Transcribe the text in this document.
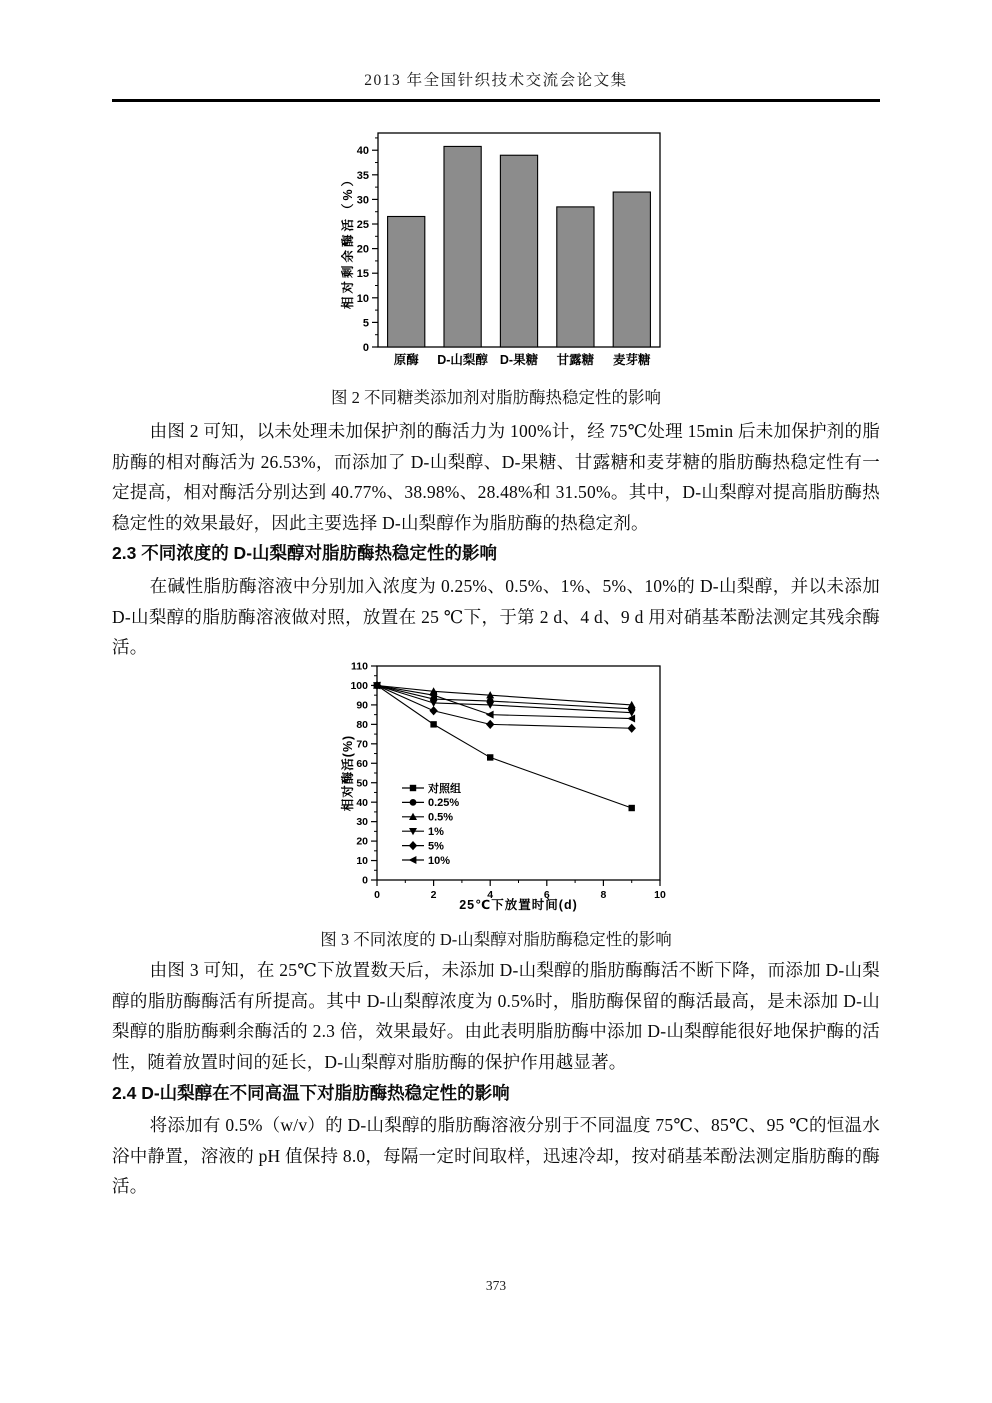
2013 年全国针织技术交流会论文集
0
5
10
15
20
25
30
35
40
原酶 D-山梨醇 D-果糖 甘露糖 麦芽糖
相对剩余酶活（%）
图 2 不同糖类添加剂对脂肪酶热稳定性的影响

由图 2 可知，以未处理未加保护剂的酶活力为 100%计，经 75℃处理 15min 后未加保护剂的脂肪酶的相对酶活为 26.53%，而添加了 D-山梨醇、D-果糖、甘露糖和麦芽糖的脂肪酶热稳定性有一定提高，相对酶活分别达到 40.77%、38.98%、28.48%和 31.50%。其中，D-山梨醇对提高脂肪酶热稳定性的效果最好，因此主要选择 D-山梨醇作为脂肪酶的热稳定剂。

2.3 不同浓度的 D-山梨醇对脂肪酶热稳定性的影响

在碱性脂肪酶溶液中分别加入浓度为 0.25%、0.5%、1%、5%、10%的 D-山梨醇，并以未添加 D-山梨醇的脂肪酶溶液做对照，放置在 25 ℃下，于第 2 d、4 d、9 d 用对硝基苯酚法测定其残余酶活。

0
10
20
30
40
50
60
70
80
90
100
110
0	2	4	6	8	10
对照组
0.25%
0.5%
1%
5%
10%
25℃下放置时间(d)
相对酶活(%)
图 3 不同浓度的 D-山梨醇对脂肪酶稳定性的影响

由图 3 可知，在 25℃下放置数天后，未添加 D-山梨醇的脂肪酶酶活不断下降，而添加 D-山梨醇的脂肪酶酶活有所提高。其中 D-山梨醇浓度为 0.5%时，脂肪酶保留的酶活最高，是未添加 D-山梨醇的脂肪酶剩余酶活的 2.3 倍，效果最好。由此表明脂肪酶中添加 D-山梨醇能很好地保护酶的活性，随着放置时间的延长，D-山梨醇对脂肪酶的保护作用越显著。

2.4 D-山梨醇在不同高温下对脂肪酶热稳定性的影响

将添加有 0.5%（w/v）的 D-山梨醇的脂肪酶溶液分别于不同温度 75℃、85℃、95 ℃的恒温水浴中静置，溶液的 pH 值保持 8.0，每隔一定时间取样，迅速冷却，按对硝基苯酚法测定脂肪酶的酶活。

373
